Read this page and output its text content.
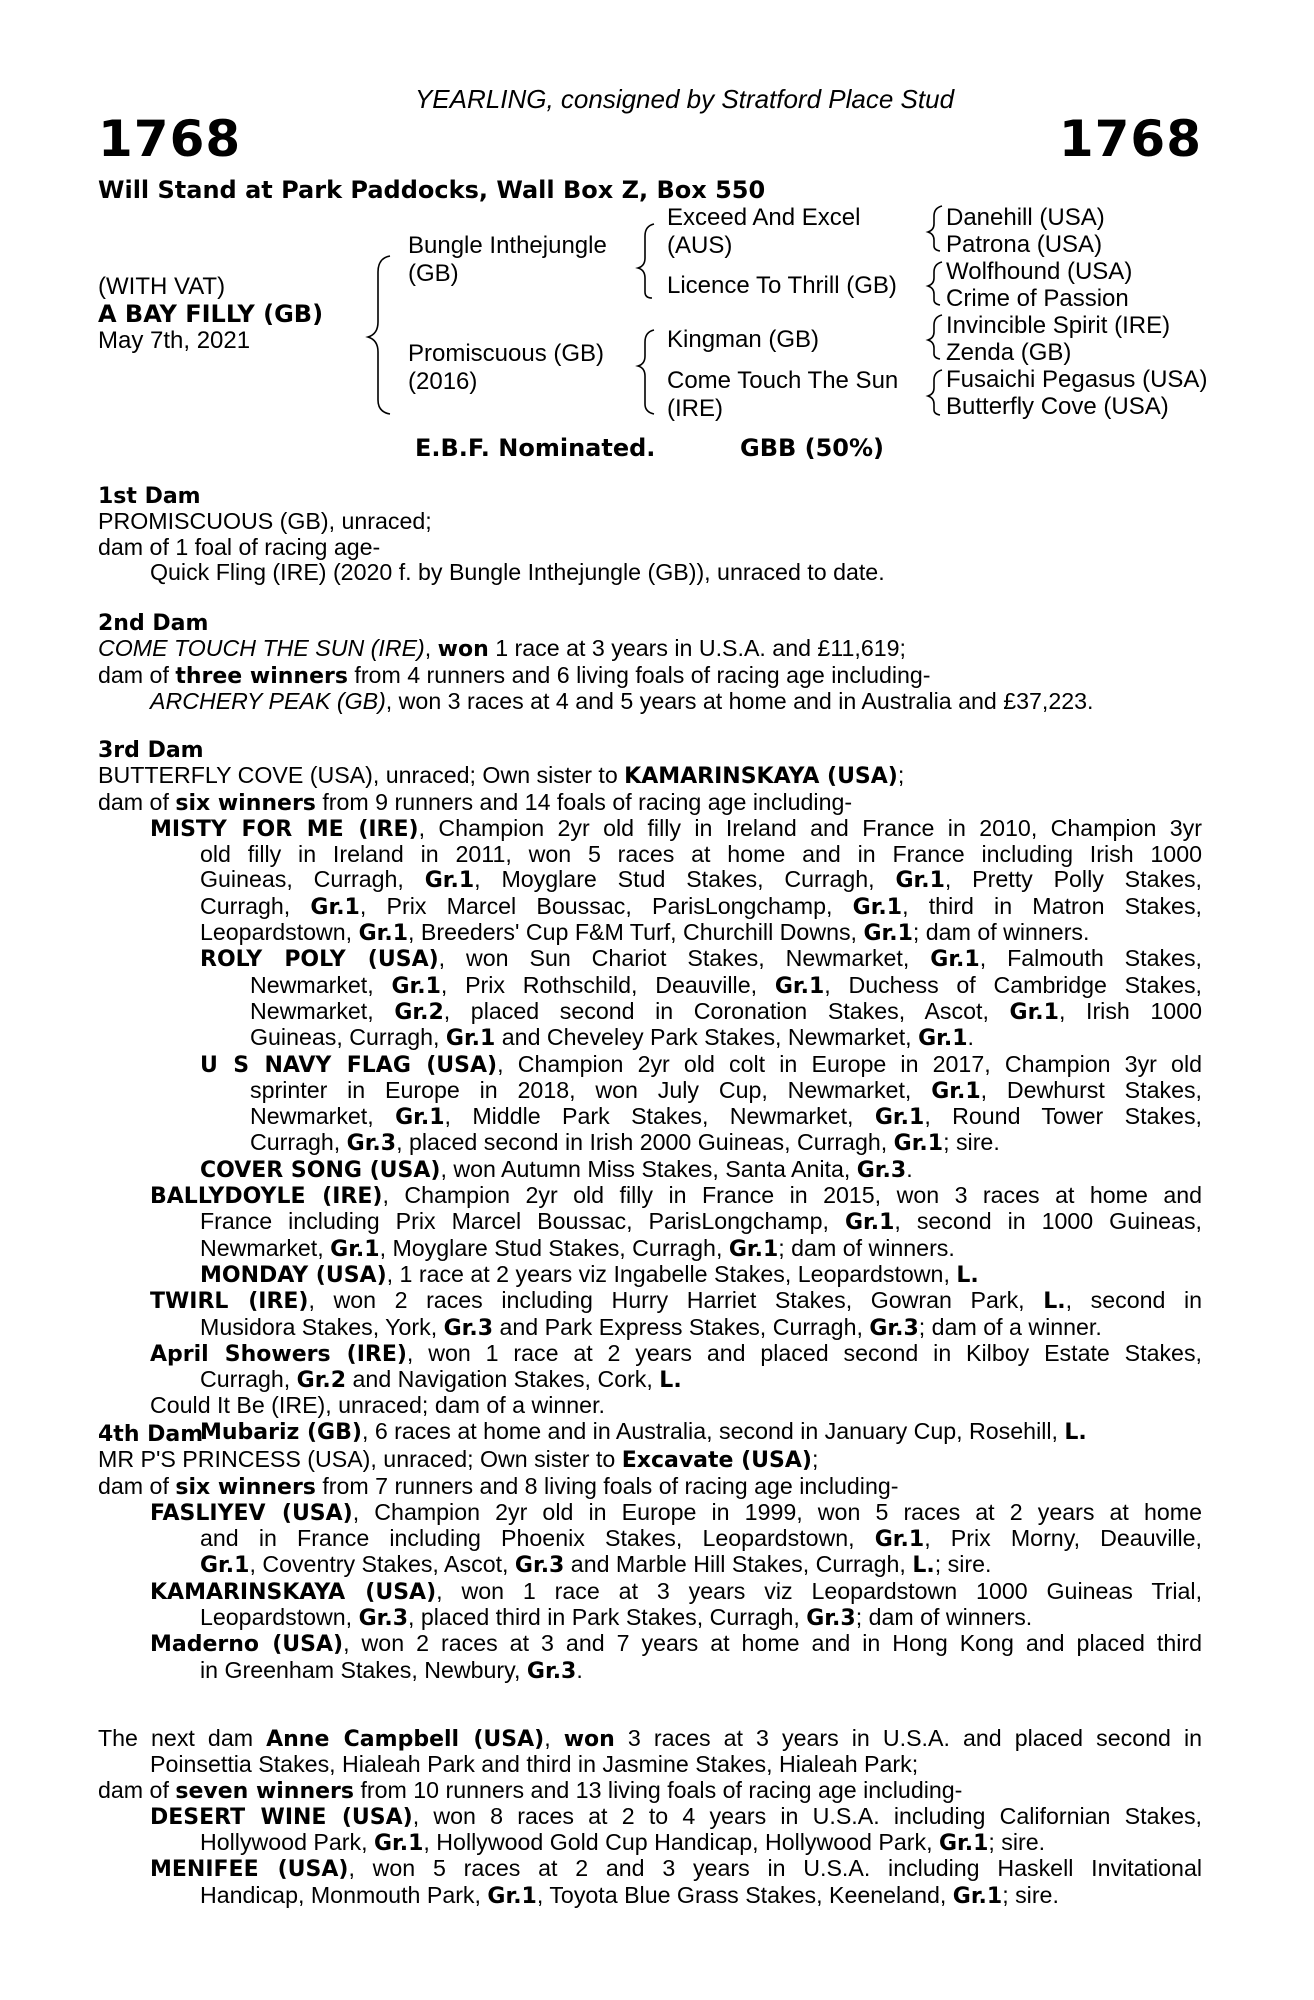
YEARLING, consigned by Stratford Place Stud
1768	1768
Will Stand at Park Paddocks, Wall Box Z, Box 550
(WITH VAT)
A BAY FILLY (GB)
May 7th, 2021
Bungle Inthejungle (GB)
Promiscuous (GB) (2016)
Exceed And Excel (AUS)
Licence To Thrill (GB)
Kingman (GB)
Come Touch The Sun (IRE)
Danehill (USA)
Patrona (USA)
Wolfhound (USA)
Crime of Passion
Invincible Spirit (IRE)
Zenda (GB)
Fusaichi Pegasus (USA)
Butterfly Cove (USA)
E.B.F. Nominated.	GBB (50%)
1st Dam
PROMISCUOUS (GB), unraced;
dam of 1 foal of racing age-
Quick Fling (IRE) (2020 f. by Bungle Inthejungle (GB)), unraced to date.
2nd Dam
COME TOUCH THE SUN (IRE), won 1 race at 3 years in U.S.A. and £11,619;
dam of three winners from 4 runners and 6 living foals of racing age including-
ARCHERY PEAK (GB), won 3 races at 4 and 5 years at home and in Australia and £37,223.
3rd Dam
BUTTERFLY COVE (USA), unraced; Own sister to KAMARINSKAYA (USA);
dam of six winners from 9 runners and 14 foals of racing age including-
MISTY FOR ME (IRE), Champion 2yr old filly in Ireland and France in 2010, Champion 3yr
old filly in Ireland in 2011, won 5 races at home and in France including Irish 1000
Guineas, Curragh, Gr.1, Moyglare Stud Stakes, Curragh, Gr.1, Pretty Polly Stakes,
Curragh, Gr.1, Prix Marcel Boussac, ParisLongchamp, Gr.1, third in Matron Stakes,
Leopardstown, Gr.1, Breeders' Cup F&M Turf, Churchill Downs, Gr.1; dam of winners.
ROLY POLY (USA), won Sun Chariot Stakes, Newmarket, Gr.1, Falmouth Stakes,
Newmarket, Gr.1, Prix Rothschild, Deauville, Gr.1, Duchess of Cambridge Stakes,
Newmarket, Gr.2, placed second in Coronation Stakes, Ascot, Gr.1, Irish 1000
Guineas, Curragh, Gr.1 and Cheveley Park Stakes, Newmarket, Gr.1.
U S NAVY FLAG (USA), Champion 2yr old colt in Europe in 2017, Champion 3yr old
sprinter in Europe in 2018, won July Cup, Newmarket, Gr.1, Dewhurst Stakes,
Newmarket, Gr.1, Middle Park Stakes, Newmarket, Gr.1, Round Tower Stakes,
Curragh, Gr.3, placed second in Irish 2000 Guineas, Curragh, Gr.1; sire.
COVER SONG (USA), won Autumn Miss Stakes, Santa Anita, Gr.3.
BALLYDOYLE (IRE), Champion 2yr old filly in France in 2015, won 3 races at home and
France including Prix Marcel Boussac, ParisLongchamp, Gr.1, second in 1000 Guineas,
Newmarket, Gr.1, Moyglare Stud Stakes, Curragh, Gr.1; dam of winners.
MONDAY (USA), 1 race at 2 years viz Ingabelle Stakes, Leopardstown, L.
TWIRL (IRE), won 2 races including Hurry Harriet Stakes, Gowran Park, L., second in
Musidora Stakes, York, Gr.3 and Park Express Stakes, Curragh, Gr.3; dam of a winner.
April Showers (IRE), won 1 race at 2 years and placed second in Kilboy Estate Stakes,
Curragh, Gr.2 and Navigation Stakes, Cork, L.
Could It Be (IRE), unraced; dam of a winner.
Mubariz (GB), 6 races at home and in Australia, second in January Cup, Rosehill, L.
4th Dam
MR P'S PRINCESS (USA), unraced; Own sister to Excavate (USA);
dam of six winners from 7 runners and 8 living foals of racing age including-
FASLIYEV (USA), Champion 2yr old in Europe in 1999, won 5 races at 2 years at home
and in France including Phoenix Stakes, Leopardstown, Gr.1, Prix Morny, Deauville,
Gr.1, Coventry Stakes, Ascot, Gr.3 and Marble Hill Stakes, Curragh, L.; sire.
KAMARINSKAYA (USA), won 1 race at 3 years viz Leopardstown 1000 Guineas Trial,
Leopardstown, Gr.3, placed third in Park Stakes, Curragh, Gr.3; dam of winners.
Maderno (USA), won 2 races at 3 and 7 years at home and in Hong Kong and placed third
in Greenham Stakes, Newbury, Gr.3.
The next dam Anne Campbell (USA), won 3 races at 3 years in U.S.A. and placed second in
Poinsettia Stakes, Hialeah Park and third in Jasmine Stakes, Hialeah Park;
dam of seven winners from 10 runners and 13 living foals of racing age including-
DESERT WINE (USA), won 8 races at 2 to 4 years in U.S.A. including Californian Stakes,
Hollywood Park, Gr.1, Hollywood Gold Cup Handicap, Hollywood Park, Gr.1; sire.
MENIFEE (USA), won 5 races at 2 and 3 years in U.S.A. including Haskell Invitational
Handicap, Monmouth Park, Gr.1, Toyota Blue Grass Stakes, Keeneland, Gr.1; sire.
